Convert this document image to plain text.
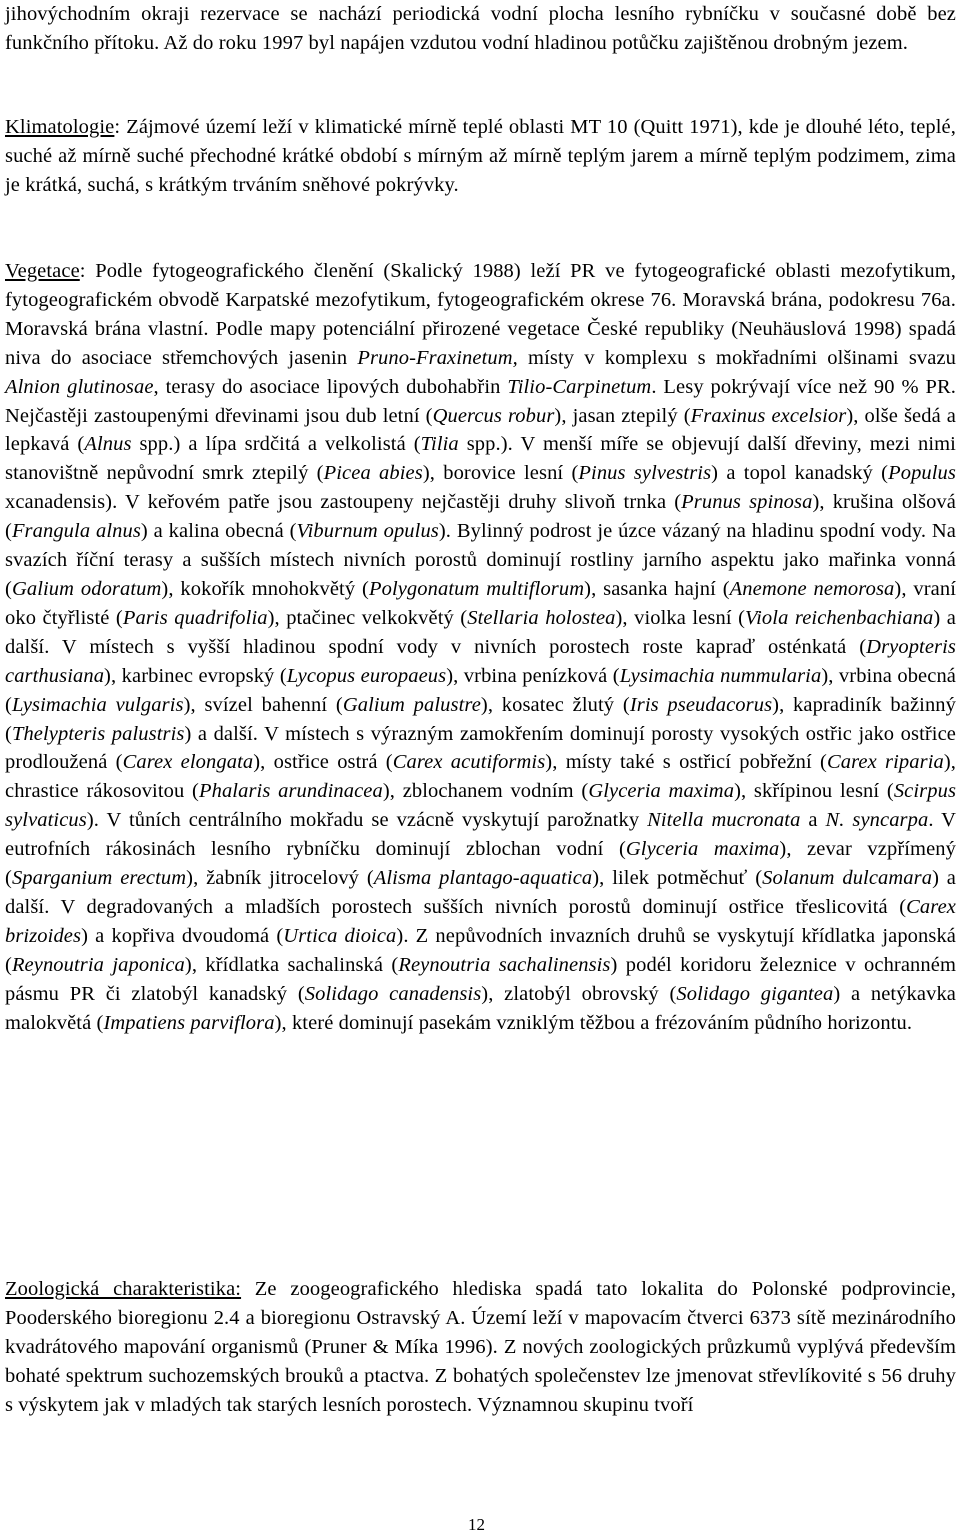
jihovýchodním okraji rezervace se nachází periodická vodní plocha lesního rybníčku v současné době bez funkčního přítoku. Až do roku 1997 byl napájen vzdutou vodní hladinou potůčku zajištěnou drobným jezem.

Klimatologie: Zájmové území leží v klimatické mírně teplé oblasti MT 10 (Quitt 1971), kde je dlouhé léto, teplé, suché až mírně suché přechodné krátké období s mírným až mírně teplým jarem a mírně teplým podzimem, zima je krátká, suchá, s krátkým trváním sněhové pokrývky.

Vegetace: Podle fytogeografického členění (Skalický 1988) leží PR ve fytogeografické oblasti mezofytikum, fytogeografickém obvodě Karpatské mezofytikum, fytogeografickém okrese 76. Moravská brána, podokresu 76a. Moravská brána vlastní. Podle mapy potenciální přirozené vegetace České republiky (Neuhäuslová 1998) spadá niva do asociace střemchových jasenin Pruno-Fraxinetum, místy v komplexu s mokřadními olšinami svazu Alnion glutinosae, terasy do asociace lipových dubohabřin Tilio-Carpinetum. Lesy pokrývají více než 90 % PR. Nejčastěji zastoupenými dřevinami jsou dub letní (Quercus robur), jasan ztepilý (Fraxinus excelsior), olše šedá a lepkavá (Alnus spp.) a lípa srdčitá a velkolistá (Tilia spp.). V menší míře se objevují další dřeviny, mezi nimi stanovištně nepůvodní smrk ztepilý (Picea abies), borovice lesní (Pinus sylvestris) a topol kanadský (Populus xcanadensis). V keřovém patře jsou zastoupeny nejčastěji druhy slivoň trnka (Prunus spinosa), krušina olšová (Frangula alnus) a kalina obecná (Viburnum opulus). Bylinný podrost je úzce vázaný na hladinu spodní vody. Na svazích říční terasy a sušších místech nivních porostů dominují rostliny jarního aspektu jako mařinka vonná (Galium odoratum), kokořík mnohokvětý (Polygonatum multiflorum), sasanka hajní (Anemone nemorosa), vraní oko čtyřlisté (Paris quadrifolia), ptačinec velkokvětý (Stellaria holostea), violka lesní (Viola reichenbachiana) a další. V místech s vyšší hladinou spodní vody v nivních porostech roste kapraď osténkatá (Dryopteris carthusiana), karbinec evropský (Lycopus europaeus), vrbina penízková (Lysimachia nummularia), vrbina obecná (Lysimachia vulgaris), svízel bahenní (Galium palustre), kosatec žlutý (Iris pseudacorus), kapradiník bažinný (Thelypteris palustris) a další. V místech s výrazným zamokřením dominují porosty vysokých ostřic jako ostřice prodloužená (Carex elongata), ostřice ostrá (Carex acutiformis), místy také s ostřicí pobřežní (Carex riparia), chrastice rákosovitou (Phalaris arundinacea), zblochanem vodním (Glyceria maxima), skřípinou lesní (Scirpus sylvaticus). V tůních centrálního mokřadu se vzácně vyskytují parožnatky Nitella mucronata a N. syncarpa. V eutrofních rákosinách lesního rybníčku dominují zblochan vodní (Glyceria maxima), zevar vzpřímený (Sparganium erectum), žabník jitrocelový (Alisma plantago-aquatica), lilek potměchuť (Solanum dulcamara) a další. V degradovaných a mladších porostech sušších nivních porostů dominují ostřice třeslicovitá (Carex brizoides) a kopřiva dvoudomá (Urtica dioica). Z nepůvodních invazních druhů se vyskytují křídlatka japonská (Reynoutria japonica), křídlatka sachalinská (Reynoutria sachalinensis) podél koridoru železnice v ochranném pásmu PR či zlatobýl kanadský (Solidago canadensis), zlatobýl obrovský (Solidago gigantea) a netýkavka malokvětá (Impatiens parviflora), které dominují pasekám vzniklým těžbou a frézováním půdního horizontu.

Zoologická charakteristika: Ze zoogeografického hlediska spadá tato lokalita do Polonské podprovincie, Pooderského bioregionu 2.4 a bioregionu Ostravský A. Území leží v mapovacím čtverci 6373 sítě mezinárodního kvadrátového mapování organismů (Pruner & Míka 1996). Z nových zoologických průzkumů vyplývá především bohaté spektrum suchozemských brouků a ptactva. Z bohatých společenstev lze jmenovat střevlíkovité s 56 druhy s výskytem jak v mladých tak starých lesních porostech. Významnou skupinu tvoří

12
